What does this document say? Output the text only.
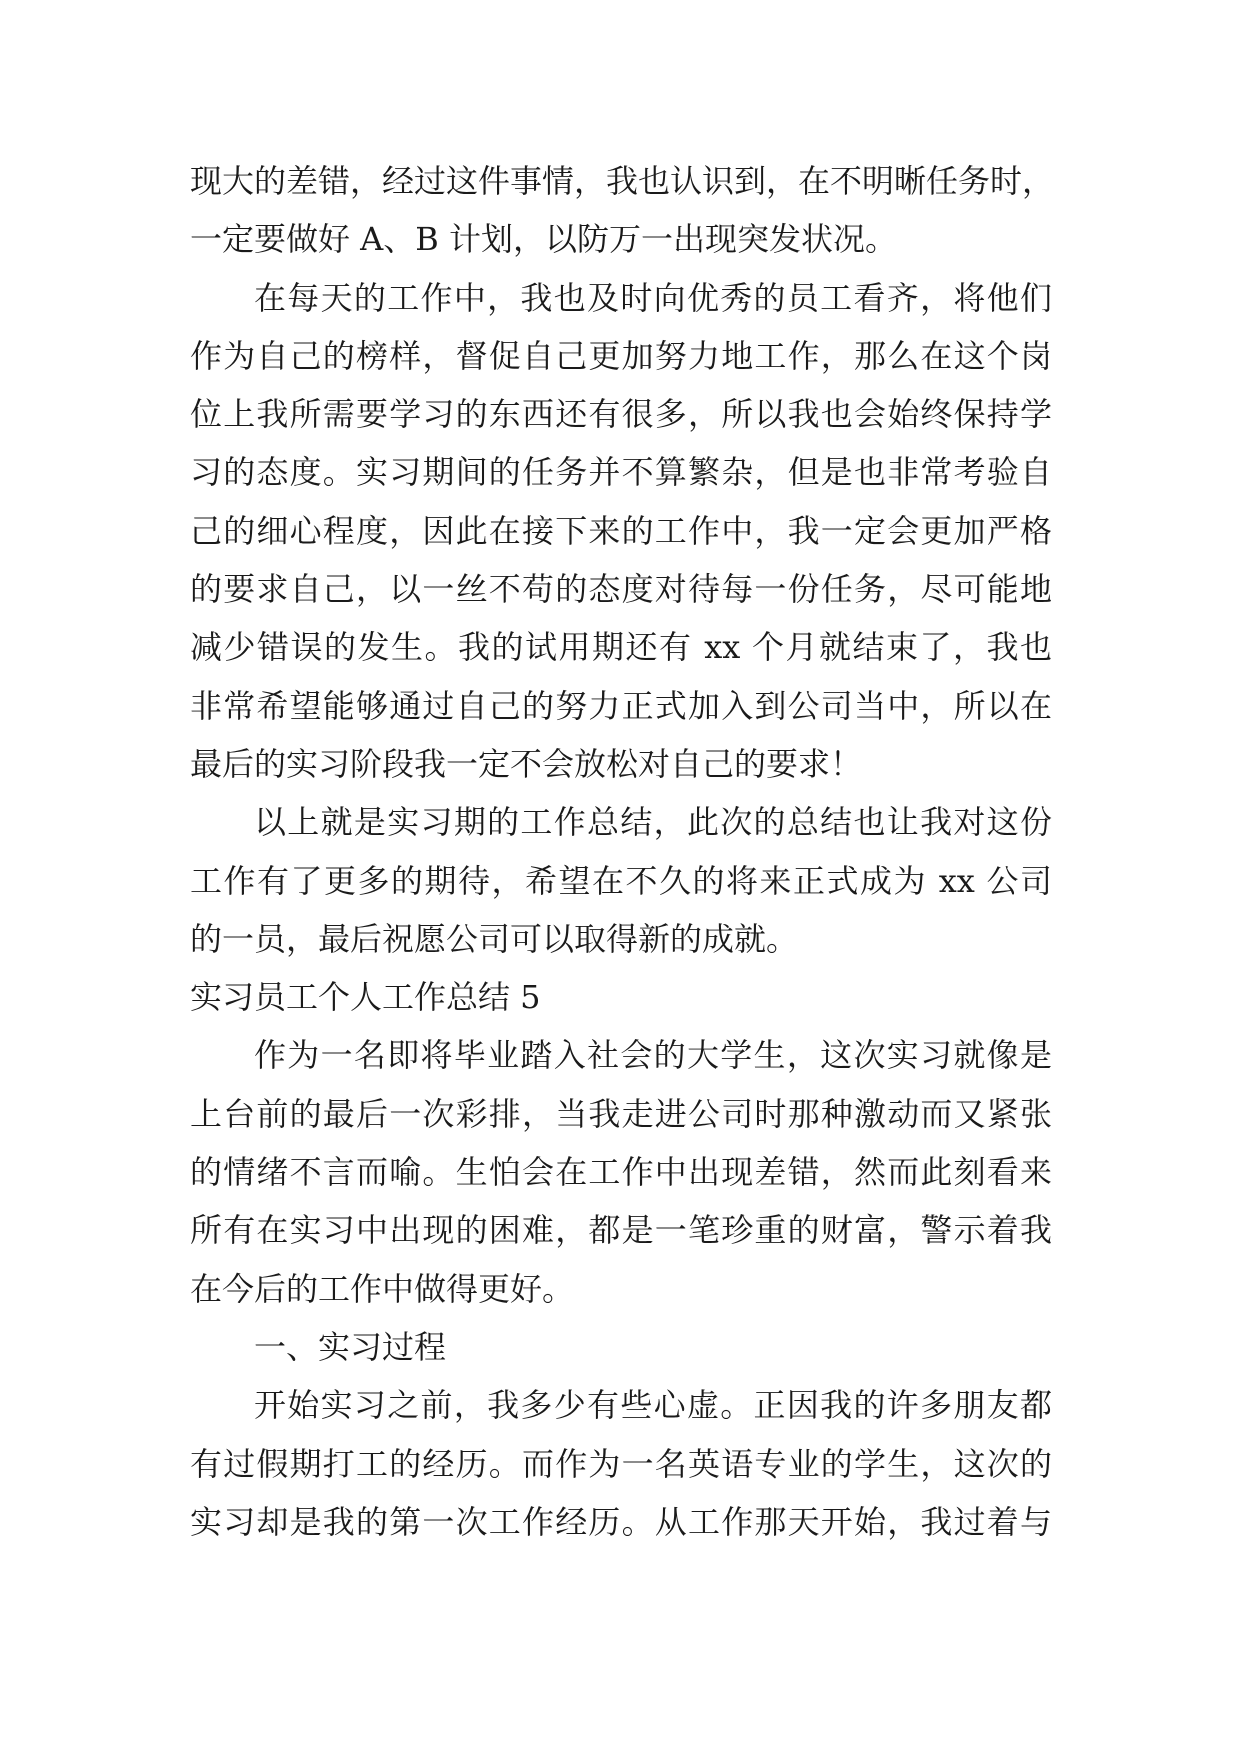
现大的差错，经过这件事情，我也认识到，在不明晰任务时，
一定要做好 A、B 计划，以防万一出现突发状况。
在每天的工作中，我也及时向优秀的员工看齐，将他们
作为自己的榜样，督促自己更加努力地工作，那么在这个岗
位上我所需要学习的东西还有很多，所以我也会始终保持学
习的态度。实习期间的任务并不算繁杂，但是也非常考验自
己的细心程度，因此在接下来的工作中，我一定会更加严格
的要求自己，以一丝不苟的态度对待每一份任务，尽可能地
减少错误的发生。我的试用期还有 xx 个月就结束了，我也
非常希望能够通过自己的努力正式加入到公司当中，所以在
最后的实习阶段我一定不会放松对自己的要求！
以上就是实习期的工作总结，此次的总结也让我对这份
工作有了更多的期待，希望在不久的将来正式成为 xx 公司
的一员，最后祝愿公司可以取得新的成就。
实习员工个人工作总结 5
作为一名即将毕业踏入社会的大学生，这次实习就像是
上台前的最后一次彩排，当我走进公司时那种激动而又紧张
的情绪不言而喻。生怕会在工作中出现差错，然而此刻看来
所有在实习中出现的困难，都是一笔珍重的财富，警示着我
在今后的工作中做得更好。
一、实习过程
开始实习之前，我多少有些心虚。正因我的许多朋友都
有过假期打工的经历。而作为一名英语专业的学生，这次的
实习却是我的第一次工作经历。从工作那天开始，我过着与
